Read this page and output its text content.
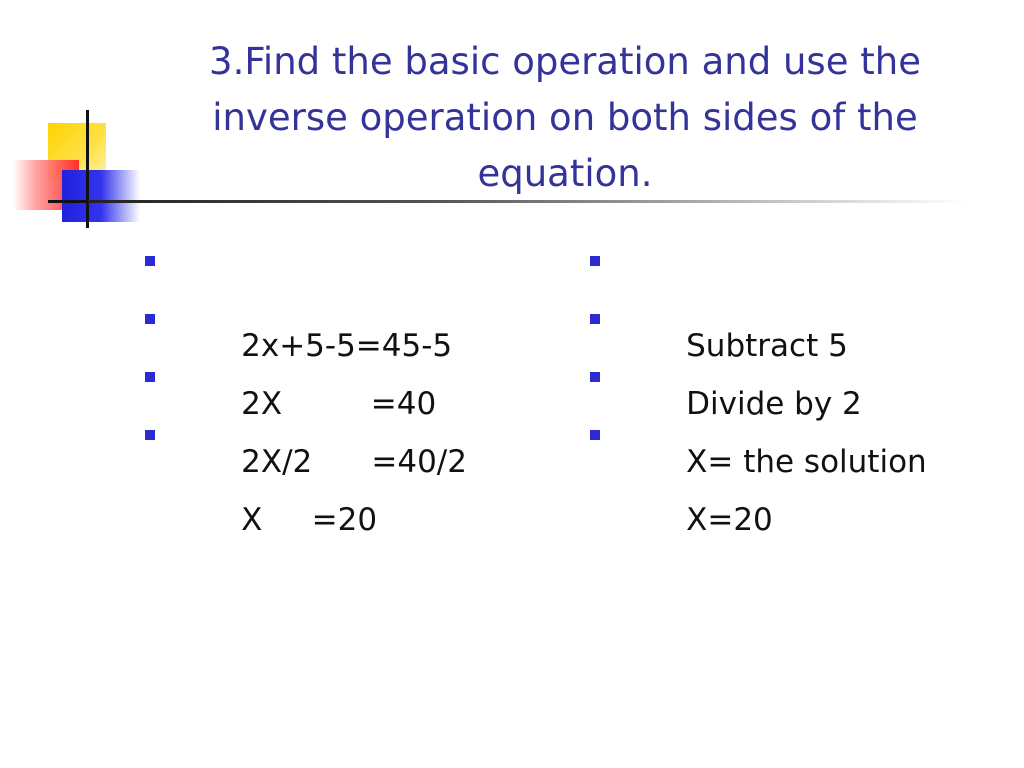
3.Find the basic operation and use the inverse operation on both sides of the equation.

2x+5-5=45-5

2X         =40

2X/2      =40/2

X     =20

Subtract 5

Divide by 2

X= the solution

X=20
